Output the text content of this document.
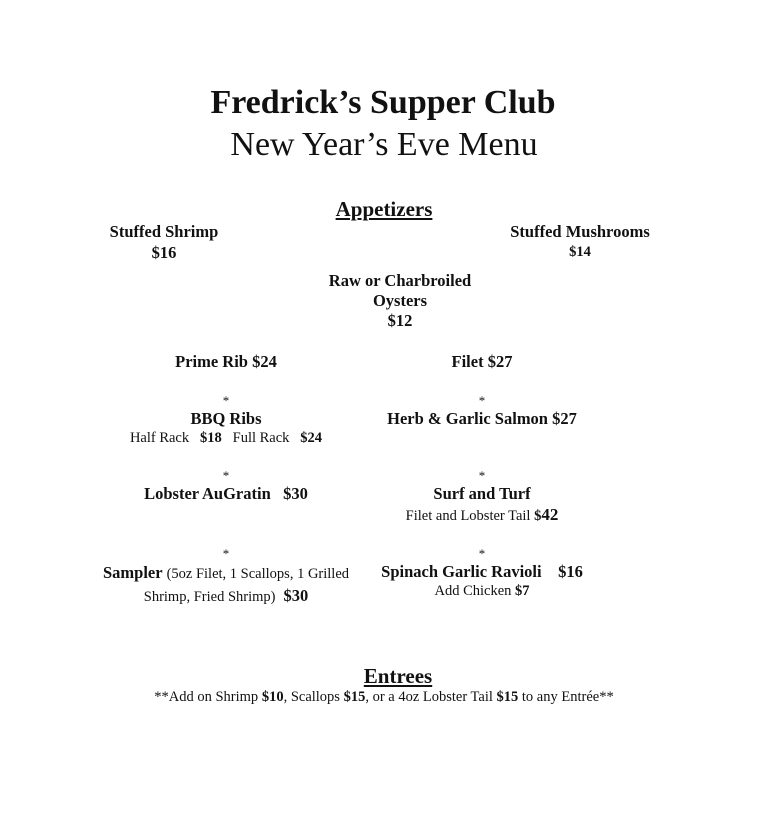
Fredrick’s Supper Club
New Year’s Eve Menu
Appetizers
Stuffed Shrimp
$16
Stuffed Mushrooms
$14
Raw or Charbroiled
Oysters
$12
Prime Rib $24
*
BBQ Ribs
Half Rack $18 Full Rack $24
*
Lobster AuGratin $30
*
Sampler (5oz Filet, 1 Scallops, 1 Grilled
Shrimp, Fried Shrimp) $30
Filet $27
*
Herb & Garlic Salmon $27
*
Surf and Turf
Filet and Lobster Tail $42
*
Spinach Garlic Ravioli $16
Add Chicken $7
Entrees
**Add on Shrimp $10, Scallops $15, or a 4oz Lobster Tail $15 to any Entrée**
